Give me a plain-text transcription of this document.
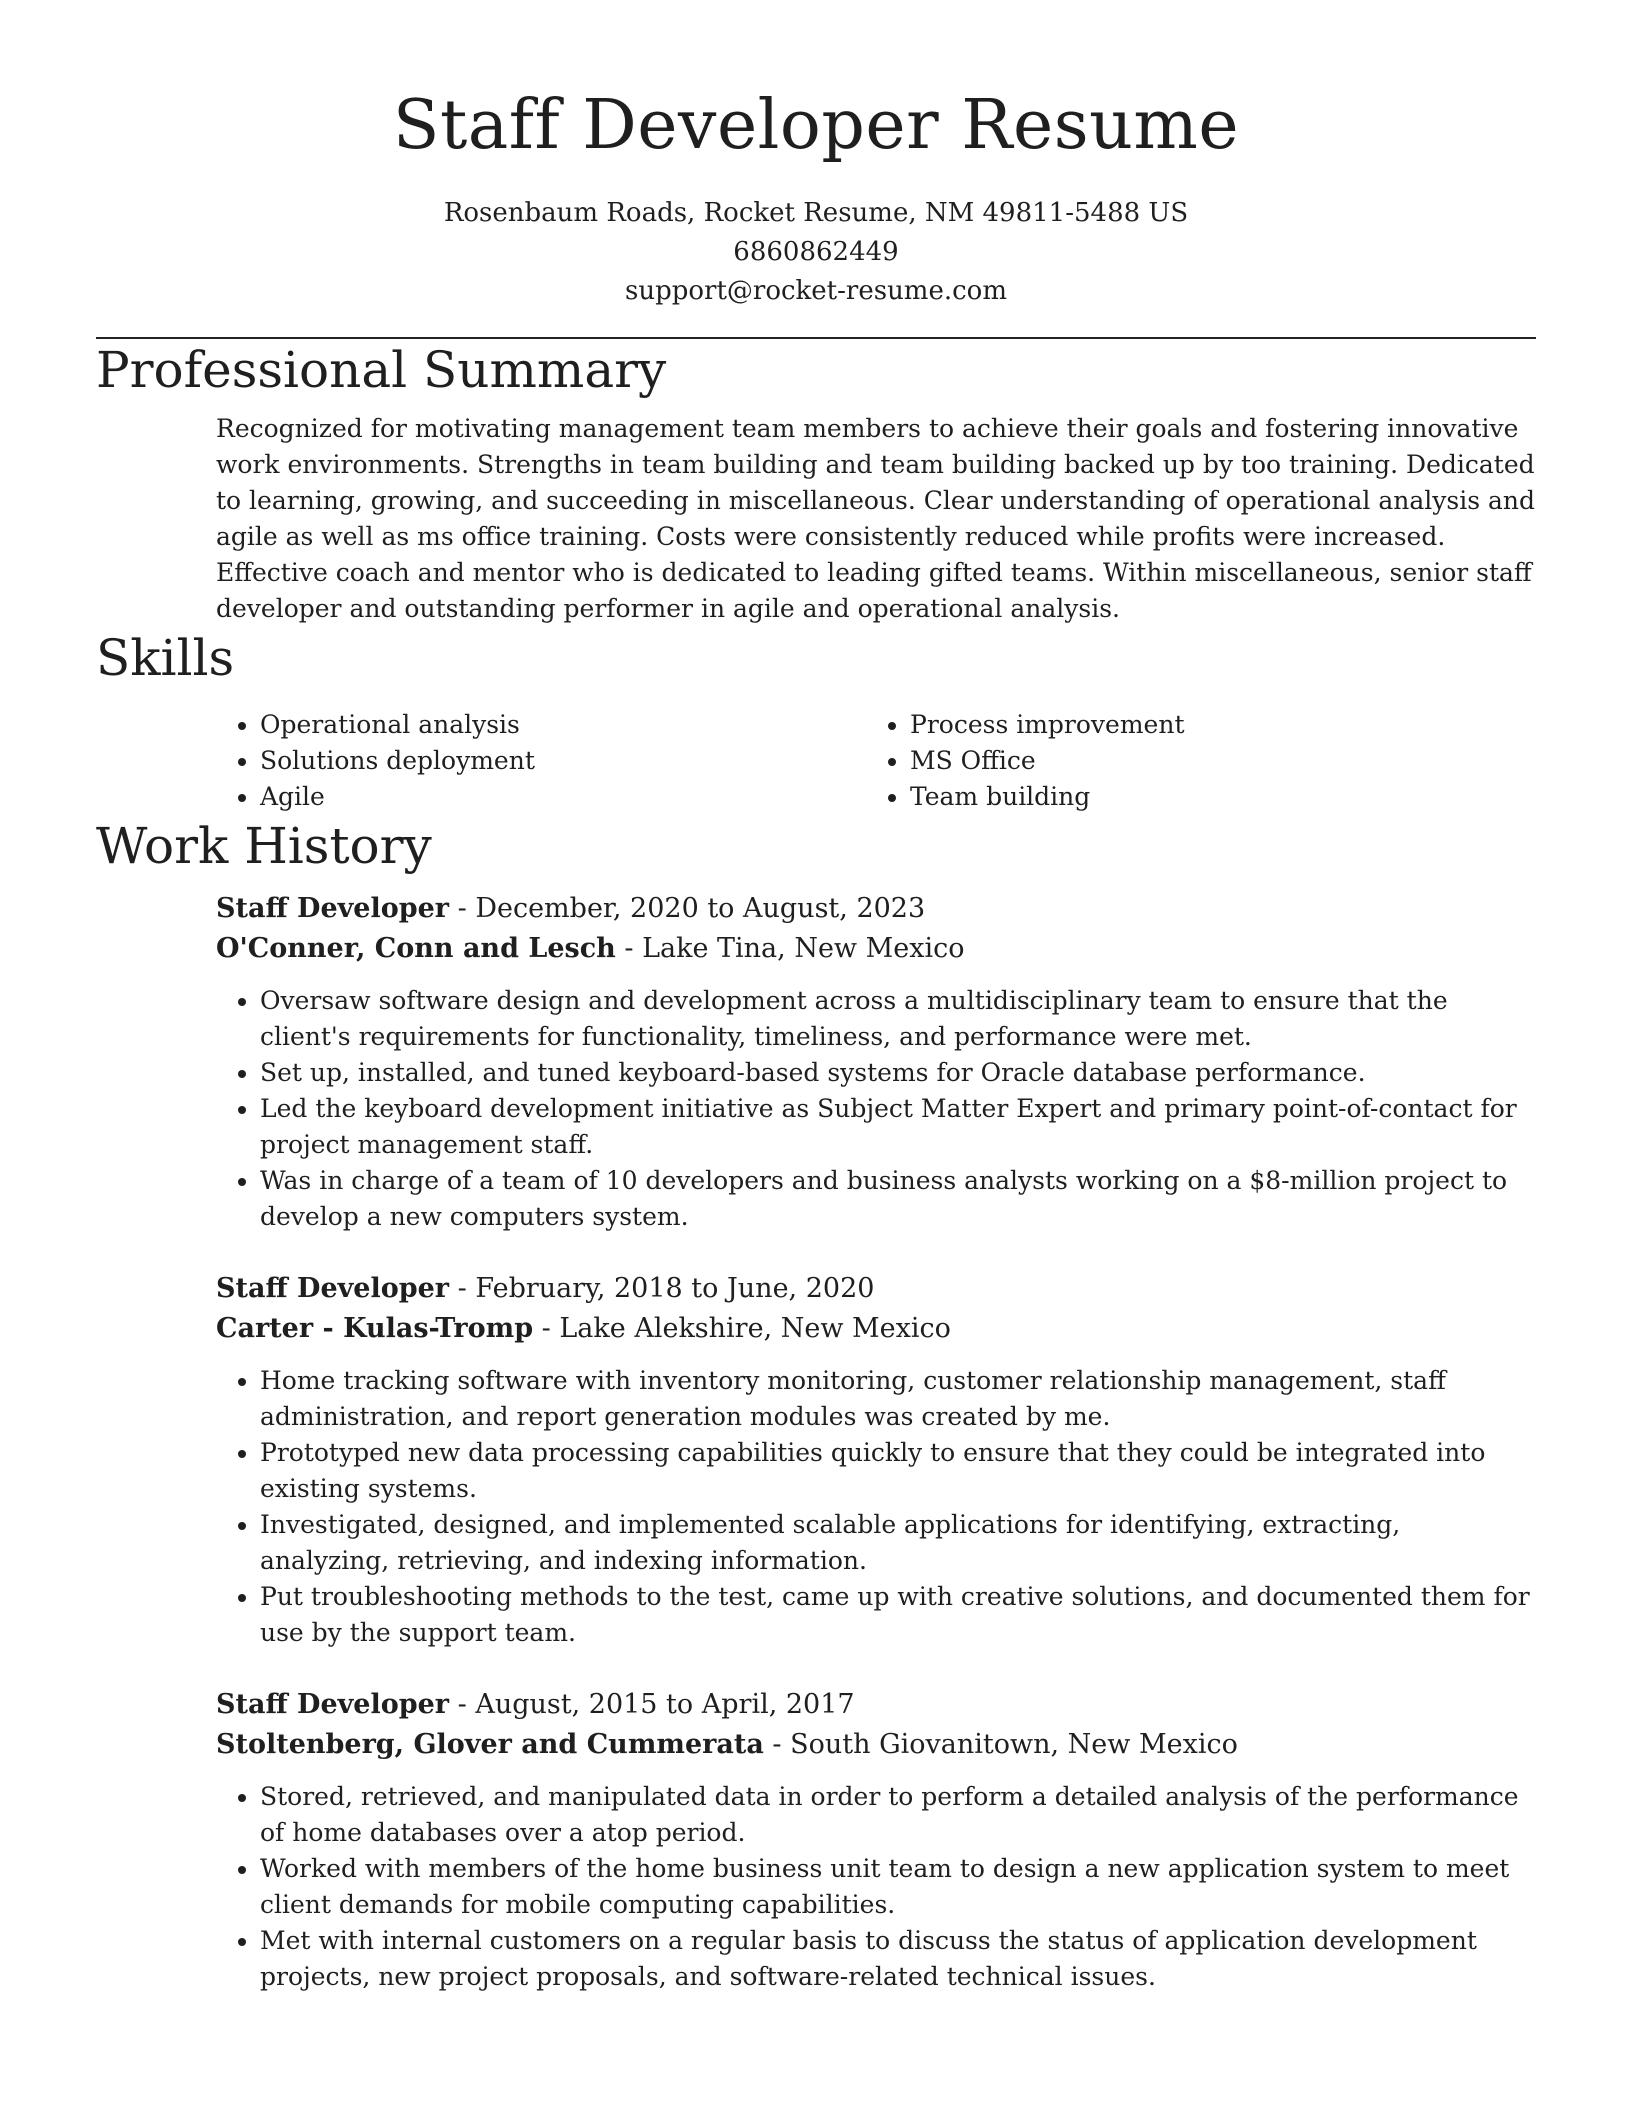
Staff Developer Resume
Rosenbaum Roads, Rocket Resume, NM 49811-5488 US
6860862449
support@rocket-resume.com
Professional Summary

Recognized for motivating management team members to achieve their goals and fostering innovative work environments. Strengths in team building and team building backed up by too training. Dedicated to learning, growing, and succeeding in miscellaneous. Clear understanding of operational analysis and agile as well as ms office training. Costs were consistently reduced while profits were increased. Effective coach and mentor who is dedicated to leading gifted teams. Within miscellaneous, senior staff developer and outstanding performer in agile and operational analysis.

Skills
• Operational analysis
• Solutions deployment
• Agile
• Process improvement
• MS Office
• Team building
Work History
Staff Developer - December, 2020 to August, 2023
O'Conner, Conn and Lesch - Lake Tina, New Mexico
• Oversaw software design and development across a multidisciplinary team to ensure that the client's requirements for functionality, timeliness, and performance were met.
• Set up, installed, and tuned keyboard-based systems for Oracle database performance.
• Led the keyboard development initiative as Subject Matter Expert and primary point-of-contact for project management staff.
• Was in charge of a team of 10 developers and business analysts working on a $8-million project to develop a new computers system.
Staff Developer - February, 2018 to June, 2020
Carter - Kulas-Tromp - Lake Alekshire, New Mexico
• Home tracking software with inventory monitoring, customer relationship management, staff administration, and report generation modules was created by me.
• Prototyped new data processing capabilities quickly to ensure that they could be integrated into existing systems.
• Investigated, designed, and implemented scalable applications for identifying, extracting, analyzing, retrieving, and indexing information.
• Put troubleshooting methods to the test, came up with creative solutions, and documented them for use by the support team.
Staff Developer - August, 2015 to April, 2017
Stoltenberg, Glover and Cummerata - South Giovanitown, New Mexico
• Stored, retrieved, and manipulated data in order to perform a detailed analysis of the performance of home databases over a atop period.
• Worked with members of the home business unit team to design a new application system to meet client demands for mobile computing capabilities.
• Met with internal customers on a regular basis to discuss the status of application development projects, new project proposals, and software-related technical issues.
